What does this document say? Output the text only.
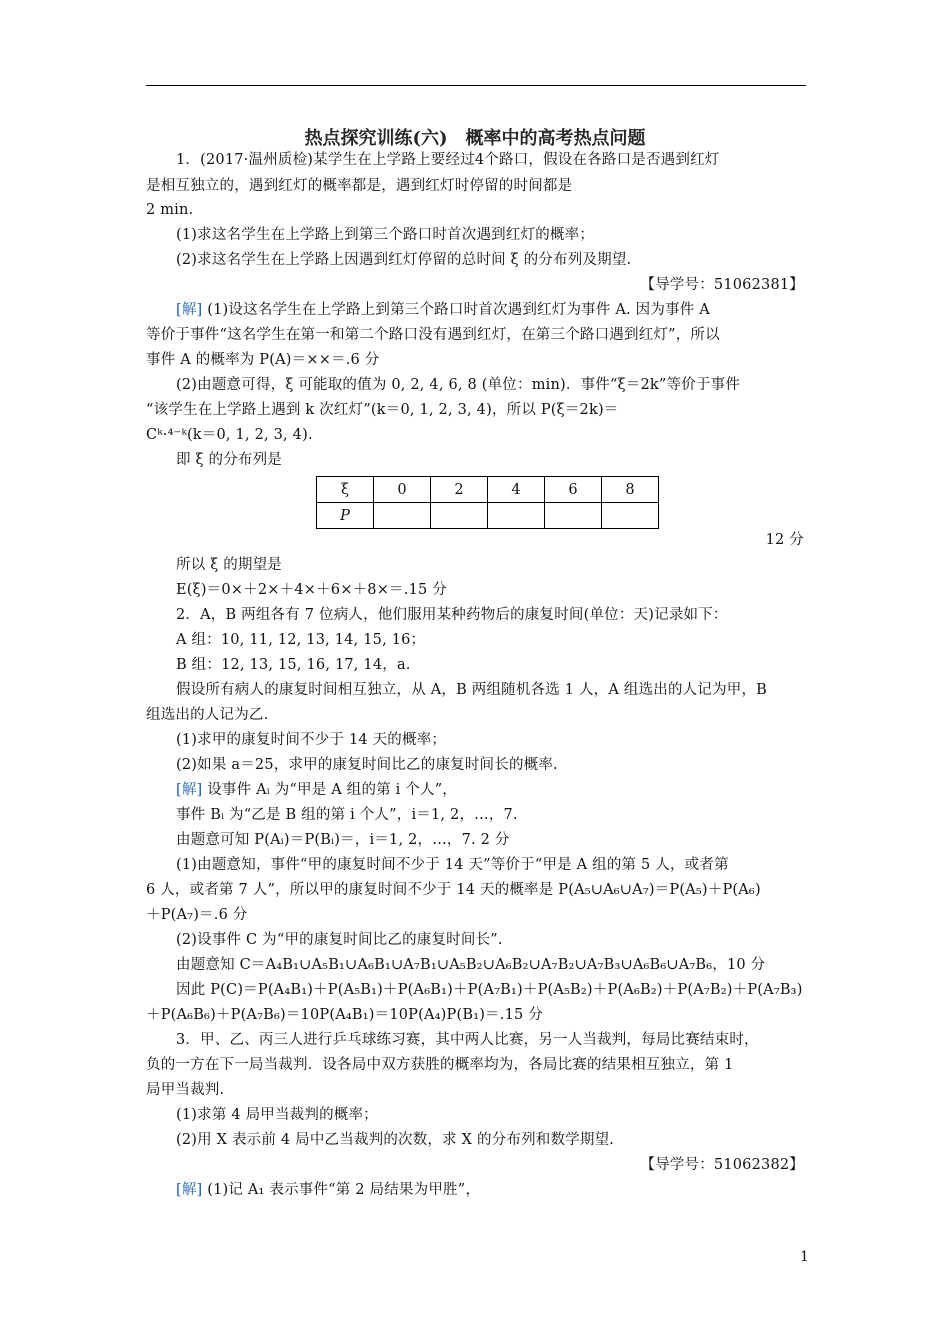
热点探究训练(六)　概率中的高考热点问题
1．(2017·温州质检)某学生在上学路上要经过4个路口，假设在各路口是否遇到红灯
是相互独立的，遇到红灯的概率都是，遇到红灯时停留的时间都是
2 min.
(1)求这名学生在上学路上到第三个路口时首次遇到红灯的概率；
(2)求这名学生在上学路上因遇到红灯停留的总时间 ξ 的分布列及期望.
【导学号：51062381】
[解] (1)设这名学生在上学路上到第三个路口时首次遇到红灯为事件 A. 因为事件 A
等价于事件“这名学生在第一和第二个路口没有遇到红灯，在第三个路口遇到红灯”，所以
事件 A 的概率为 P(A)＝××＝.6 分
(2)由题意可得，ξ 可能取的值为 0, 2, 4, 6, 8 (单位：min)．事件“ξ＝2k”等价于事件
“该学生在上学路上遇到 k 次红灯”(k＝0, 1, 2, 3, 4)，所以 P(ξ＝2k)＝
Cᵏ·⁴⁻ᵏ(k＝0, 1, 2, 3, 4).
即 ξ 的分布列是
ξ	0	2	4	6	8
P					
12 分
所以 ξ 的期望是
E(ξ)＝0×＋2×＋4×＋6×＋8×＝.15 分
2．A，B 两组各有 7 位病人，他们服用某种药物后的康复时间(单位：天)记录如下：
A 组：10, 11, 12, 13, 14, 15, 16；
B 组：12, 13, 15, 16, 17, 14，a.
假设所有病人的康复时间相互独立，从 A，B 两组随机各选 1 人，A 组选出的人记为甲，B
组选出的人记为乙.
(1)求甲的康复时间不少于 14 天的概率；
(2)如果 a＝25，求甲的康复时间比乙的康复时间长的概率.
[解] 设事件 Aᵢ 为“甲是 A 组的第 i 个人”，
事件 Bᵢ 为“乙是 B 组的第 i 个人”，i＝1, 2，…，7.
由题意可知 P(Aᵢ)＝P(Bᵢ)＝，i＝1, 2，…，7. 2 分
(1)由题意知，事件“甲的康复时间不少于 14 天”等价于“甲是 A 组的第 5 人，或者第
6 人，或者第 7 人”，所以甲的康复时间不少于 14 天的概率是 P(A₅∪A₆∪A₇)＝P(A₅)＋P(A₆)
＋P(A₇)＝.6 分
(2)设事件 C 为“甲的康复时间比乙的康复时间长”.
由题意知 C＝A₄B₁∪A₅B₁∪A₆B₁∪A₇B₁∪A₅B₂∪A₆B₂∪A₇B₂∪A₇B₃∪A₆B₆∪A₇B₆，10 分
因此 P(C)＝P(A₄B₁)＋P(A₅B₁)＋P(A₆B₁)＋P(A₇B₁)＋P(A₅B₂)＋P(A₆B₂)＋P(A₇B₂)＋P(A₇B₃)
＋P(A₆B₆)＋P(A₇B₆)＝10P(A₄B₁)＝10P(A₄)P(B₁)＝.15 分
3．甲、乙、丙三人进行乒乓球练习赛，其中两人比赛，另一人当裁判，每局比赛结束时，
负的一方在下一局当裁判．设各局中双方获胜的概率均为，各局比赛的结果相互独立，第 1
局甲当裁判.
(1)求第 4 局甲当裁判的概率；
(2)用 X 表示前 4 局中乙当裁判的次数，求 X 的分布列和数学期望.
【导学号：51062382】
[解] (1)记 A₁ 表示事件“第 2 局结果为甲胜”，
1
